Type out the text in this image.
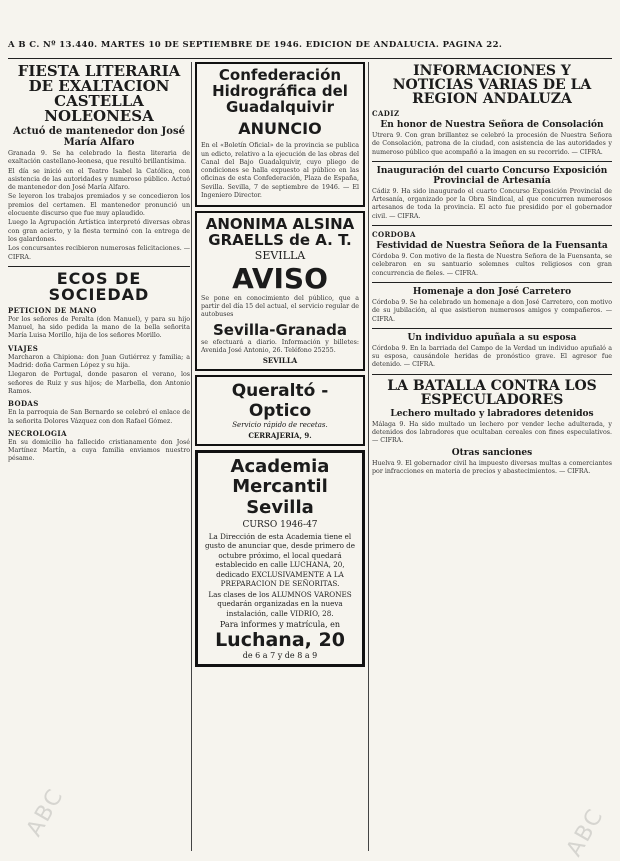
A B C. Nº 13.440. MARTES 10 DE SEPTIEMBRE DE 1946. EDICION DE ANDALUCIA. PAGINA 22.
FIESTA LITERARIA DE EXALTACION CASTELLA NOLEONESA
Actuó de mantenedor don José María Alfaro

Granada 9. Se ha celebrado la fiesta literaria de exaltación castellano-leonesa, que resultó brillantísima.

El día se inició en el Teatro Isabel la Católica, con asistencia de las autoridades y numeroso público. Actuó de mantenedor don José María Alfaro.

Se leyeron los trabajos premiados y se concedieron los premios del certamen. El mantenedor pronunció un elocuente discurso que fue muy aplaudido.

Luego la Agrupación Artística interpretó diversas obras con gran acierto, y la fiesta terminó con la entrega de los galardones.

Los concursantes recibieron numerosas felicitaciones. — CIFRA.

ECOS DE SOCIEDAD
PETICION DE MANO

Por los señores de Peralta (don Manuel), y para su hijo Manuel, ha sido pedida la mano de la bella señorita María Luisa Morillo, hija de los señores Morillo.

VIAJES

Marcharon a Chipiona: don Juan Gutiérrez y familia; a Madrid: doña Carmen López y su hija.

Llegaron de Portugal, donde pasaron el verano, los señores de Ruiz y sus hijos; de Marbella, don Antonio Ramos.

BODAS

En la parroquia de San Bernardo se celebró el enlace de la señorita Dolores Vázquez con don Rafael Gómez.

NECROLOGIA

En su domicilio ha fallecido cristianamente don José Martínez Martín, a cuya familia enviamos nuestro pésame.

Confederación Hidrográfica del Guadalquivir
ANUNCIO

En el «Boletín Oficial» de la provincia se publica un edicto, relativo a la ejecución de las obras del Canal del Bajo Guadalquivir, cuyo pliego de condiciones se halla expuesto al público en las oficinas de esta Confederación, Plaza de España, Sevilla. Sevilla, 7 de septiembre de 1946. — El Ingeniero Director.

ANONIMA ALSINA GRAELLS de A. T.
SEVILLA
AVISO

Se pone en conocimiento del público, que a partir del día 15 del actual, el servicio regular de autobuses

Sevilla-Granada

se efectuará a diario. Información y billetes: Avenida José Antonio, 26. Teléfono 25255.

SEVILLA
Queraltó - Optico
Servicio rápido de recetas.
CERRAJERIA, 9.
Academia Mercantil
Sevilla
CURSO 1946-47

La Dirección de esta Academia tiene el gusto de anunciar que, desde primero de octubre próximo, el local quedará establecido en calle LUCHANA, 20, dedicado EXCLUSIVAMENTE A LA PREPARACION DE SEÑORITAS.

Las clases de los ALUMNOS VARONES quedarán organizadas en la nueva instalación, calle VIDRIO, 28.

Para informes y matrícula, en
Luchana, 20
de 6 a 7 y de 8 a 9
INFORMACIONES Y NOTICIAS VARIAS DE LA REGION ANDALUZA
CADIZ
En honor de Nuestra Señora de Consolación

Utrera 9. Con gran brillantez se celebró la procesión de Nuestra Señora de Consolación, patrona de la ciudad, con asistencia de las autoridades y numeroso público que acompañó a la imagen en su recorrido. — CIFRA.

Inauguración del cuarto Concurso Exposición Provincial de Artesanía

Cádiz 9. Ha sido inaugurado el cuarto Concurso Exposición Provincial de Artesanía, organizado por la Obra Sindical, al que concurren numerosos artesanos de toda la provincia. El acto fue presidido por el gobernador civil. — CIFRA.

CORDOBA
Festividad de Nuestra Señora de la Fuensanta

Córdoba 9. Con motivo de la fiesta de Nuestra Señora de la Fuensanta, se celebraron en su santuario solemnes cultos religiosos con gran concurrencia de fieles. — CIFRA.

Homenaje a don José Carretero

Córdoba 9. Se ha celebrado un homenaje a don José Carretero, con motivo de su jubilación, al que asistieron numerosos amigos y compañeros. — CIFRA.

Un individuo apuñala a su esposa

Córdoba 9. En la barriada del Campo de la Verdad un individuo apuñaló a su esposa, causándole heridas de pronóstico grave. El agresor fue detenido. — CIFRA.

LA BATALLA CONTRA LOS ESPECULADORES
Lechero multado y labradores detenidos

Málaga 9. Ha sido multado un lechero por vender leche adulterada, y detenidos dos labradores que ocultaban cereales con fines especulativos. — CIFRA.

Otras sanciones

Huelva 9. El gobernador civil ha impuesto diversas multas a comerciantes por infracciones en materia de precios y abastecimientos. — CIFRA.

ABC	ABC
